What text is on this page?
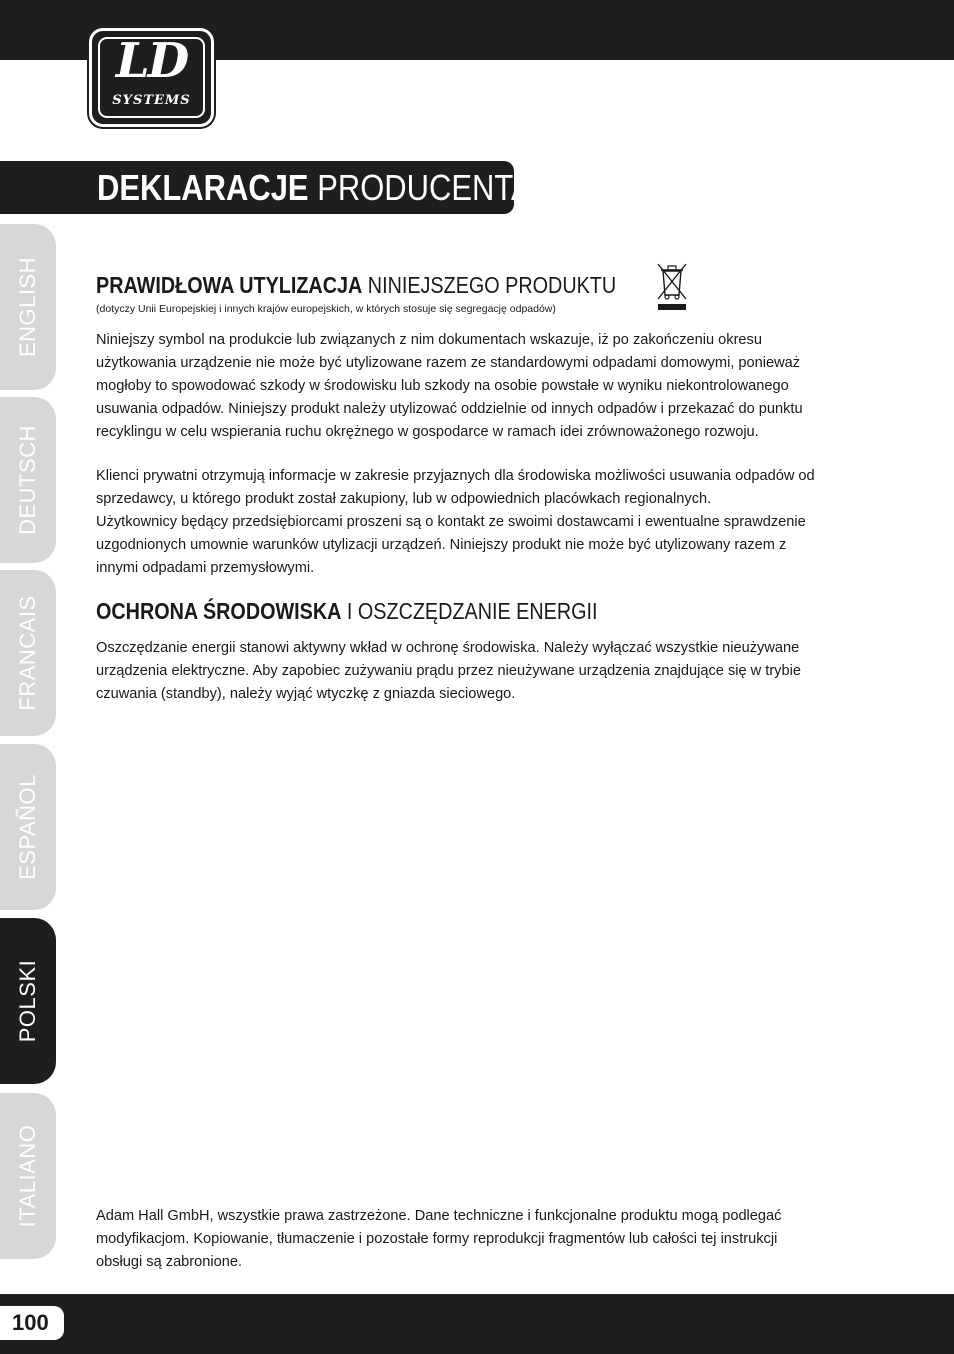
LD
SYSTEMS
DEKLARACJE PRODUCENTA:
ENGLISH
DEUTSCH
FRANCAIS
ESPAÑOL
POLSKI
ITALIANO
PRAWIDŁOWA UTYLIZACJA NINIEJSZEGO PRODUKTU
(dotyczy Unii Europejskiej i innych krajów europejskich, w których stosuje się segregację odpadów)
Niniejszy symbol na produkcie lub związanych z nim dokumentach wskazuje, iż po zakończeniu okresu
użytkowania urządzenie nie może być utylizowane razem ze standardowymi odpadami domowymi, ponieważ
mogłoby to spowodować szkody w środowisku lub szkody na osobie powstałe w wyniku niekontrolowanego
usuwania odpadów. Niniejszy produkt należy utylizować oddzielnie od innych odpadów i przekazać do punktu
recyklingu w celu wspierania ruchu okrężnego w gospodarce w ramach idei zrównoważonego rozwoju.
Klienci prywatni otrzymują informacje w zakresie przyjaznych dla środowiska możliwości usuwania odpadów od
sprzedawcy, u którego produkt został zakupiony, lub w odpowiednich placówkach regionalnych.
Użytkownicy będący przedsiębiorcami proszeni są o kontakt ze swoimi dostawcami i ewentualne sprawdzenie
uzgodnionych umownie warunków utylizacji urządzeń. Niniejszy produkt nie może być utylizowany razem z
innymi odpadami przemysłowymi.
OCHRONA ŚRODOWISKA I OSZCZĘDZANIE ENERGII
Oszczędzanie energii stanowi aktywny wkład w ochronę środowiska. Należy wyłączać wszystkie nieużywane
urządzenia elektryczne. Aby zapobiec zużywaniu prądu przez nieużywane urządzenia znajdujące się w trybie
czuwania (standby), należy wyjąć wtyczkę z gniazda sieciowego.
Adam Hall GmbH, wszystkie prawa zastrzeżone. Dane techniczne i funkcjonalne produktu mogą podlegać
modyfikacjom. Kopiowanie, tłumaczenie i pozostałe formy reprodukcji fragmentów lub całości tej instrukcji
obsługi są zabronione.
100
